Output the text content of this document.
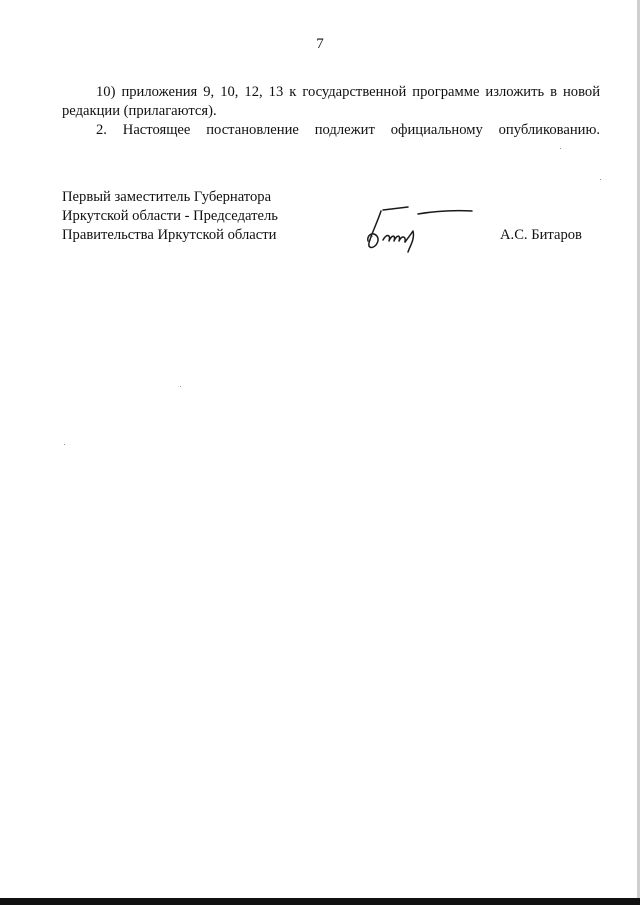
7

10) приложения 9, 10, 12, 13 к государственной программе изложить в новой редакции (прилагаются).

2. Настоящее постановление подлежит официальному опубликованию.

Первый заместитель Губернатора
Иркутской области - Председатель
Правительства Иркутской области	А.С. Битаров
